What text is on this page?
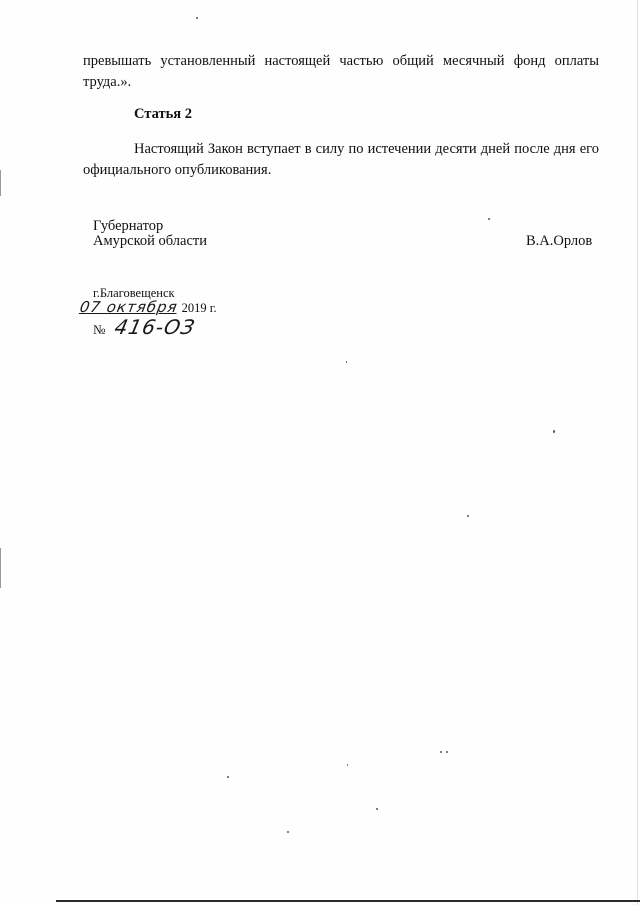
превышать установленный настоящей частью общий месячный фонд оплаты труда.».
Статья 2
Настоящий Закон вступает в силу по истечении десяти дней после дня его официального опубликования.
Губернатор
Амурской области	В.А.Орлов
г.Благовещенск
07 октября 2019 г.
№ 416-ОЗ
